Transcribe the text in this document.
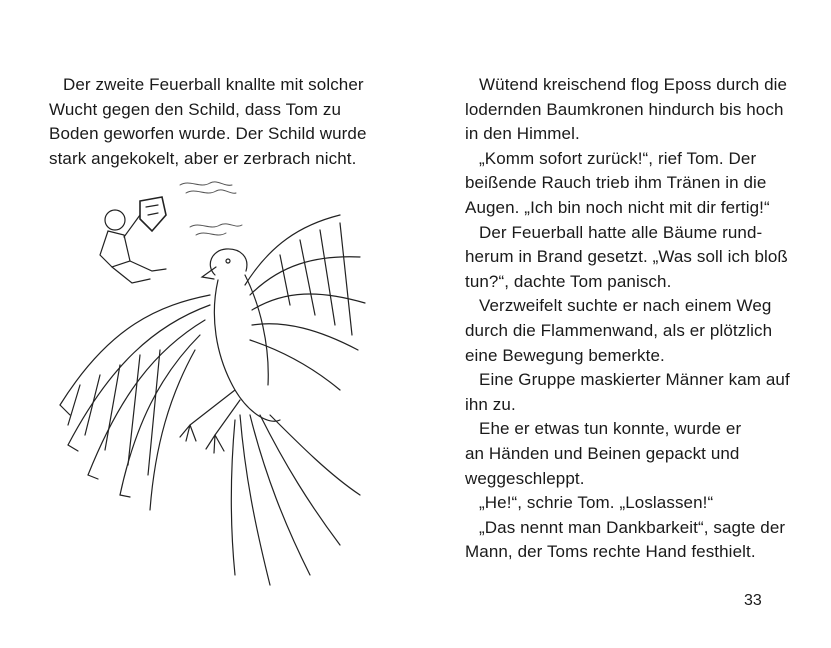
Der zweite Feuerball knallte mit solcher
Wucht gegen den Schild, dass Tom zu
Boden geworfen wurde. Der Schild wurde
stark angekokelt, aber er zerbrach nicht.
Wütend kreischend flog Eposs durch die
lodernden Baumkronen hindurch bis hoch
in den Himmel.
„Komm sofort zurück!“, rief Tom. Der
beißende Rauch trieb ihm Tränen in die
Augen. „Ich bin noch nicht mit dir fertig!“
Der Feuerball hatte alle Bäume rund-
herum in Brand gesetzt. „Was soll ich bloß
tun?“, dachte Tom panisch.
Verzweifelt suchte er nach einem Weg
durch die Flammenwand, als er plötzlich
eine Bewegung bemerkte.
Eine Gruppe maskierter Männer kam auf
ihn zu.
Ehe er etwas tun konnte, wurde er
an Händen und Beinen gepackt und
weggeschleppt.
„He!“, schrie Tom. „Loslassen!“
„Das nennt man Dankbarkeit“, sagte der
Mann, der Toms rechte Hand festhielt.
33
